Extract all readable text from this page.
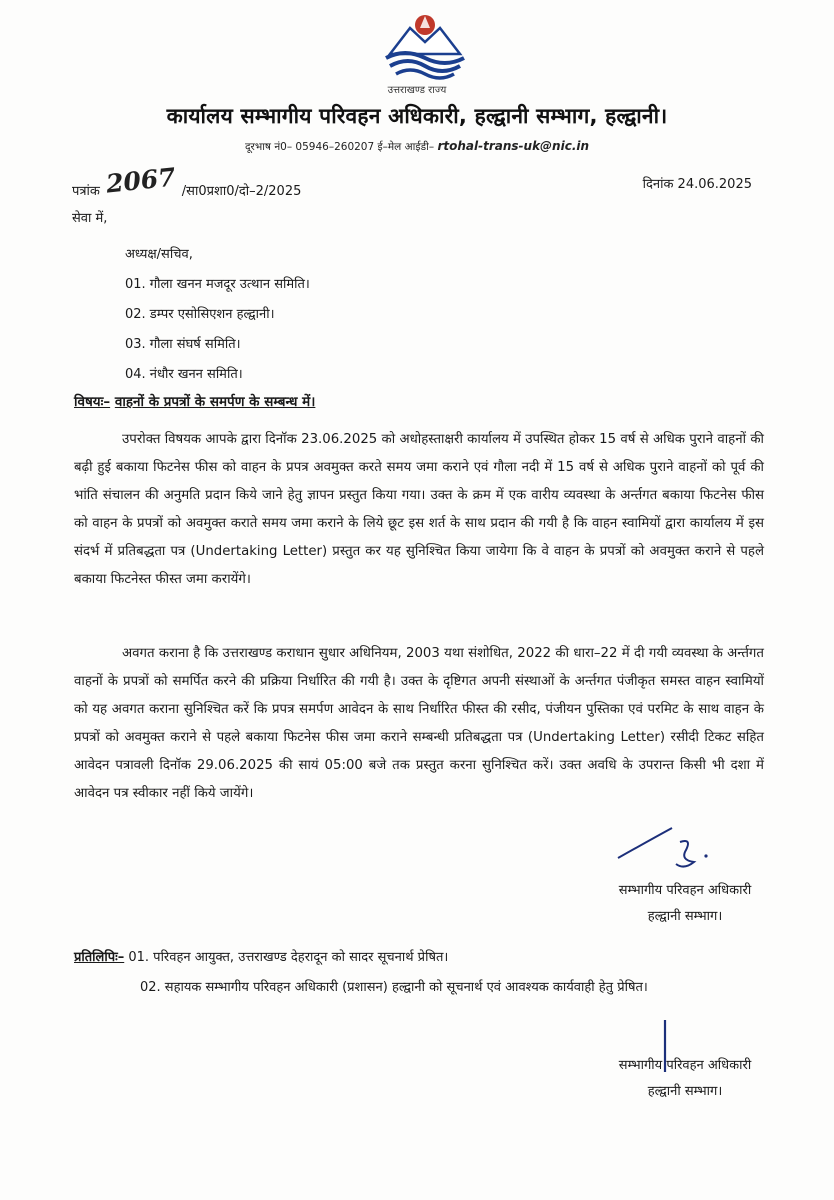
उत्तराखण्ड राज्य
कार्यालय सम्भागीय परिवहन अधिकारी, हल्द्वानी सम्भाग, हल्द्वानी।
दूरभाष नं0– 05946–260207 ई–मेल आईडी– rtohal-trans-uk@nic.in
पत्रांक 2067 /सा0प्रशा0/दो–2/2025	दिनांक 24.06.2025
सेवा में,
अध्यक्ष/सचिव,
01. गौला खनन मजदूर उत्थान समिति।
02. डम्पर एसोसिएशन हल्द्वानी।
03. गौला संघर्ष समिति।
04. नंधौर खनन समिति।
विषयः– वाहनों के प्रपत्रों के समर्पण के सम्बन्ध में।
उपरोक्त विषयक आपके द्वारा दिनॉक 23.06.2025 को अधोहस्ताक्षरी कार्यालय में उपस्थित होकर 15 वर्ष से अधिक पुराने वाहनों की बढ़ी हुई बकाया फिटनेस फीस को वाहन के प्रपत्र अवमुक्त करते समय जमा कराने एवं गौला नदी में 15 वर्ष से अधिक पुराने वाहनों को पूर्व की भांति संचालन की अनुमति प्रदान किये जाने हेतु ज्ञापन प्रस्तुत किया गया। उक्त के क्रम में एक वारीय व्यवस्था के अर्न्तगत बकाया फिटनेस फीस को वाहन के प्रपत्रों को अवमुक्त कराते समय जमा कराने के लिये छूट इस शर्त के साथ प्रदान की गयी है कि वाहन स्वामियों द्वारा कार्यालय में इस संदर्भ में प्रतिबद्धता पत्र (Undertaking Letter) प्रस्तुत कर यह सुनिश्चित किया जायेगा कि वे वाहन के प्रपत्रों को अवमुक्त कराने से पहले बकाया फिटनेस्त फीस्त जमा करायेंगे।
अवगत कराना है कि उत्तराखण्ड कराधान सुधार अधिनियम, 2003 यथा संशोधित, 2022 की धारा–22 में दी गयी व्यवस्था के अर्न्तगत वाहनों के प्रपत्रों को समर्पित करने की प्रक्रिया निर्धारित की गयी है। उक्त के दृष्टिगत अपनी संस्थाओं के अर्न्तगत पंजीकृत समस्त वाहन स्वामियों को यह अवगत कराना सुनिश्चित करें कि प्रपत्र समर्पण आवेदन के साथ निर्धारित फीस्त की रसीद, पंजीयन पुस्तिका एवं परमिट के साथ वाहन के प्रपत्रों को अवमुक्त कराने से पहले बकाया फिटनेस फीस जमा कराने सम्बन्धी प्रतिबद्धता पत्र (Undertaking Letter) रसीदी टिकट सहित आवेदन पत्रावली दिनॉक 29.06.2025 की सायं 05:00 बजे तक प्रस्तुत करना सुनिश्चित करें। उक्त अवधि के उपरान्त किसी भी दशा में आवेदन पत्र स्वीकार नहीं किये जायेंगे।
सम्भागीय परिवहन अधिकारी
हल्द्वानी सम्भाग।
प्रतिलिपिः– 01. परिवहन आयुक्त, उत्तराखण्ड देहरादून को सादर सूचनार्थ प्रेषित।
02. सहायक सम्भागीय परिवहन अधिकारी (प्रशासन) हल्द्वानी को सूचनार्थ एवं आवश्यक कार्यवाही हेतु प्रेषित।
सम्भागीय परिवहन अधिकारी
हल्द्वानी सम्भाग।
